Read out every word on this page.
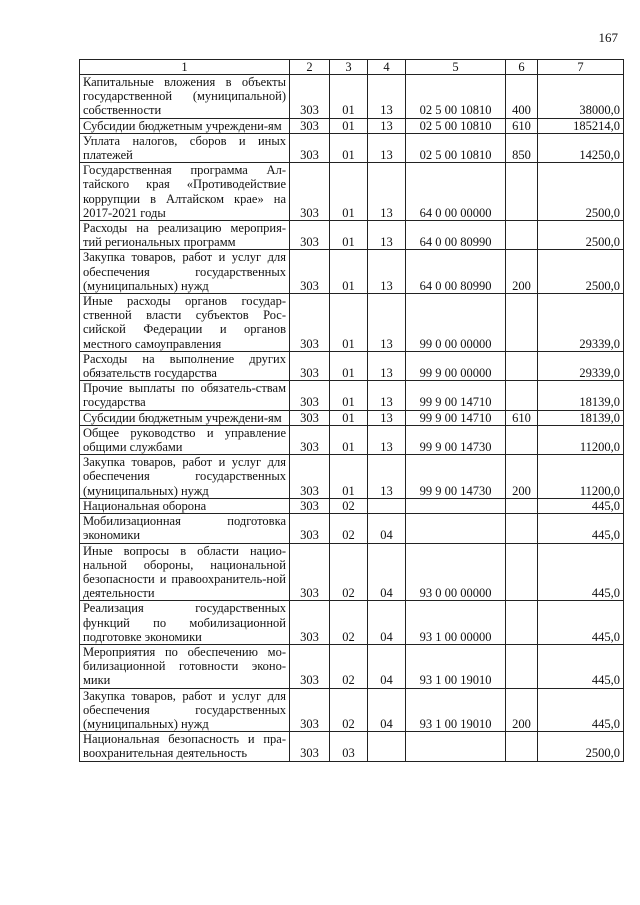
167
1	2	3	4	5	6	7
Капитальные вложения в объекты государственной (муниципальной) собственности	303	01	13	02 5 00 10810	400	38000,0
Субсидии бюджетным учреждени-ям	303	01	13	02 5 00 10810	610	185214,0
Уплата налогов, сборов и иных платежей	303	01	13	02 5 00 10810	850	14250,0
Государственная программа Ал-тайского края «Противодействие коррупции в Алтайском крае» на 2017-2021 годы	303	01	13	64 0 00 00000		2500,0
Расходы на реализацию мероприя-тий региональных программ	303	01	13	64 0 00 80990		2500,0
Закупка товаров, работ и услуг для обеспечения государственных (муниципальных) нужд	303	01	13	64 0 00 80990	200	2500,0
Иные расходы органов государ-ственной власти субъектов Рос-сийской Федерации и органов местного самоуправления	303	01	13	99 0 00 00000		29339,0
Расходы на выполнение других обязательств государства	303	01	13	99 9 00 00000		29339,0
Прочие выплаты по обязатель-ствам государства	303	01	13	99 9 00 14710		18139,0
Субсидии бюджетным учреждени-ям	303	01	13	99 9 00 14710	610	18139,0
Общее руководство и управление общими службами	303	01	13	99 9 00 14730		11200,0
Закупка товаров, работ и услуг для обеспечения государственных (муниципальных) нужд	303	01	13	99 9 00 14730	200	11200,0
Национальная оборона	303	02				445,0
Мобилизационная подготовка экономики	303	02	04			445,0
Иные вопросы в области нацио-нальной обороны, национальной безопасности и правоохранитель-ной деятельности	303	02	04	93 0 00 00000		445,0
Реализация государственных функций по мобилизационной подготовке экономики	303	02	04	93 1 00 00000		445,0
Мероприятия по обеспечению мо-билизационной готовности эконо-мики	303	02	04	93 1 00 19010		445,0
Закупка товаров, работ и услуг для обеспечения государственных (муниципальных) нужд	303	02	04	93 1 00 19010	200	445,0
Национальная безопасность и пра-воохранительная деятельность	303	03				2500,0
